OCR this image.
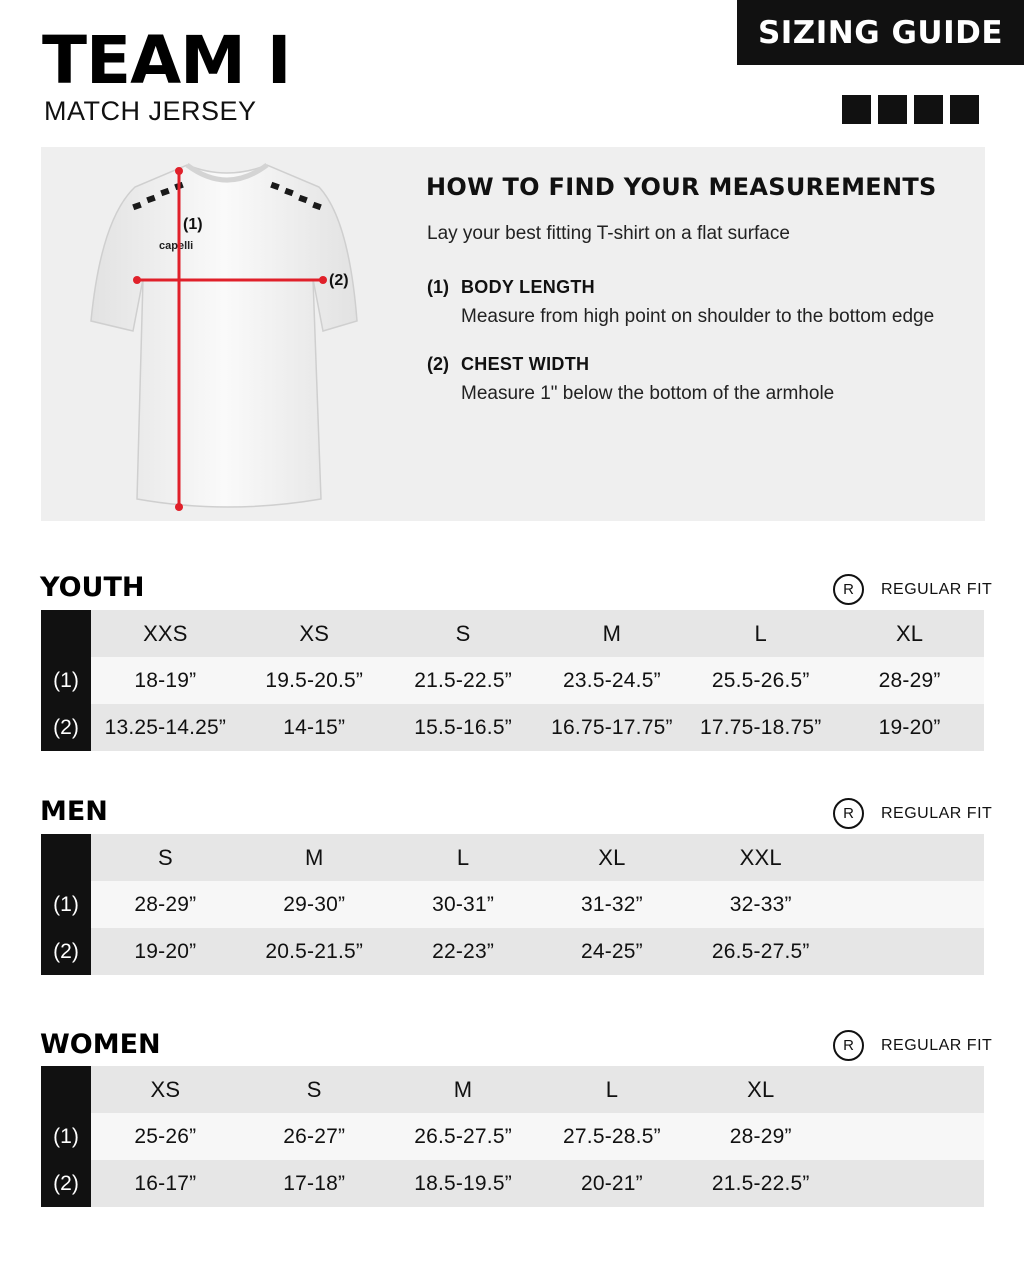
TEAM I
MATCH JERSEY
SIZING GUIDE
capelli
(1)
(2)
HOW TO FIND YOUR MEASUREMENTS
Lay your best fitting T-shirt on a flat surface
(1) BODY LENGTH
Measure from high point on shoulder to the bottom edge
(2) CHEST WIDTH
Measure 1" below the bottom of the armhole
YOUTH	R	REGULAR FIT
XXS	XS	S	M	L	XL
(1)	18-19”	19.5-20.5”	21.5-22.5”	23.5-24.5”	25.5-26.5”	28-29”
(2)	13.25-14.25”	14-15”	15.5-16.5”	16.75-17.75”	17.75-18.75”	19-20”
MEN	R	REGULAR FIT
S	M	L	XL	XXL
(1)	28-29”	29-30”	30-31”	31-32”	32-33”
(2)	19-20”	20.5-21.5”	22-23”	24-25”	26.5-27.5”
WOMEN	R	REGULAR FIT
XS	S	M	L	XL
(1)	25-26”	26-27”	26.5-27.5”	27.5-28.5”	28-29”
(2)	16-17”	17-18”	18.5-19.5”	20-21”	21.5-22.5”
